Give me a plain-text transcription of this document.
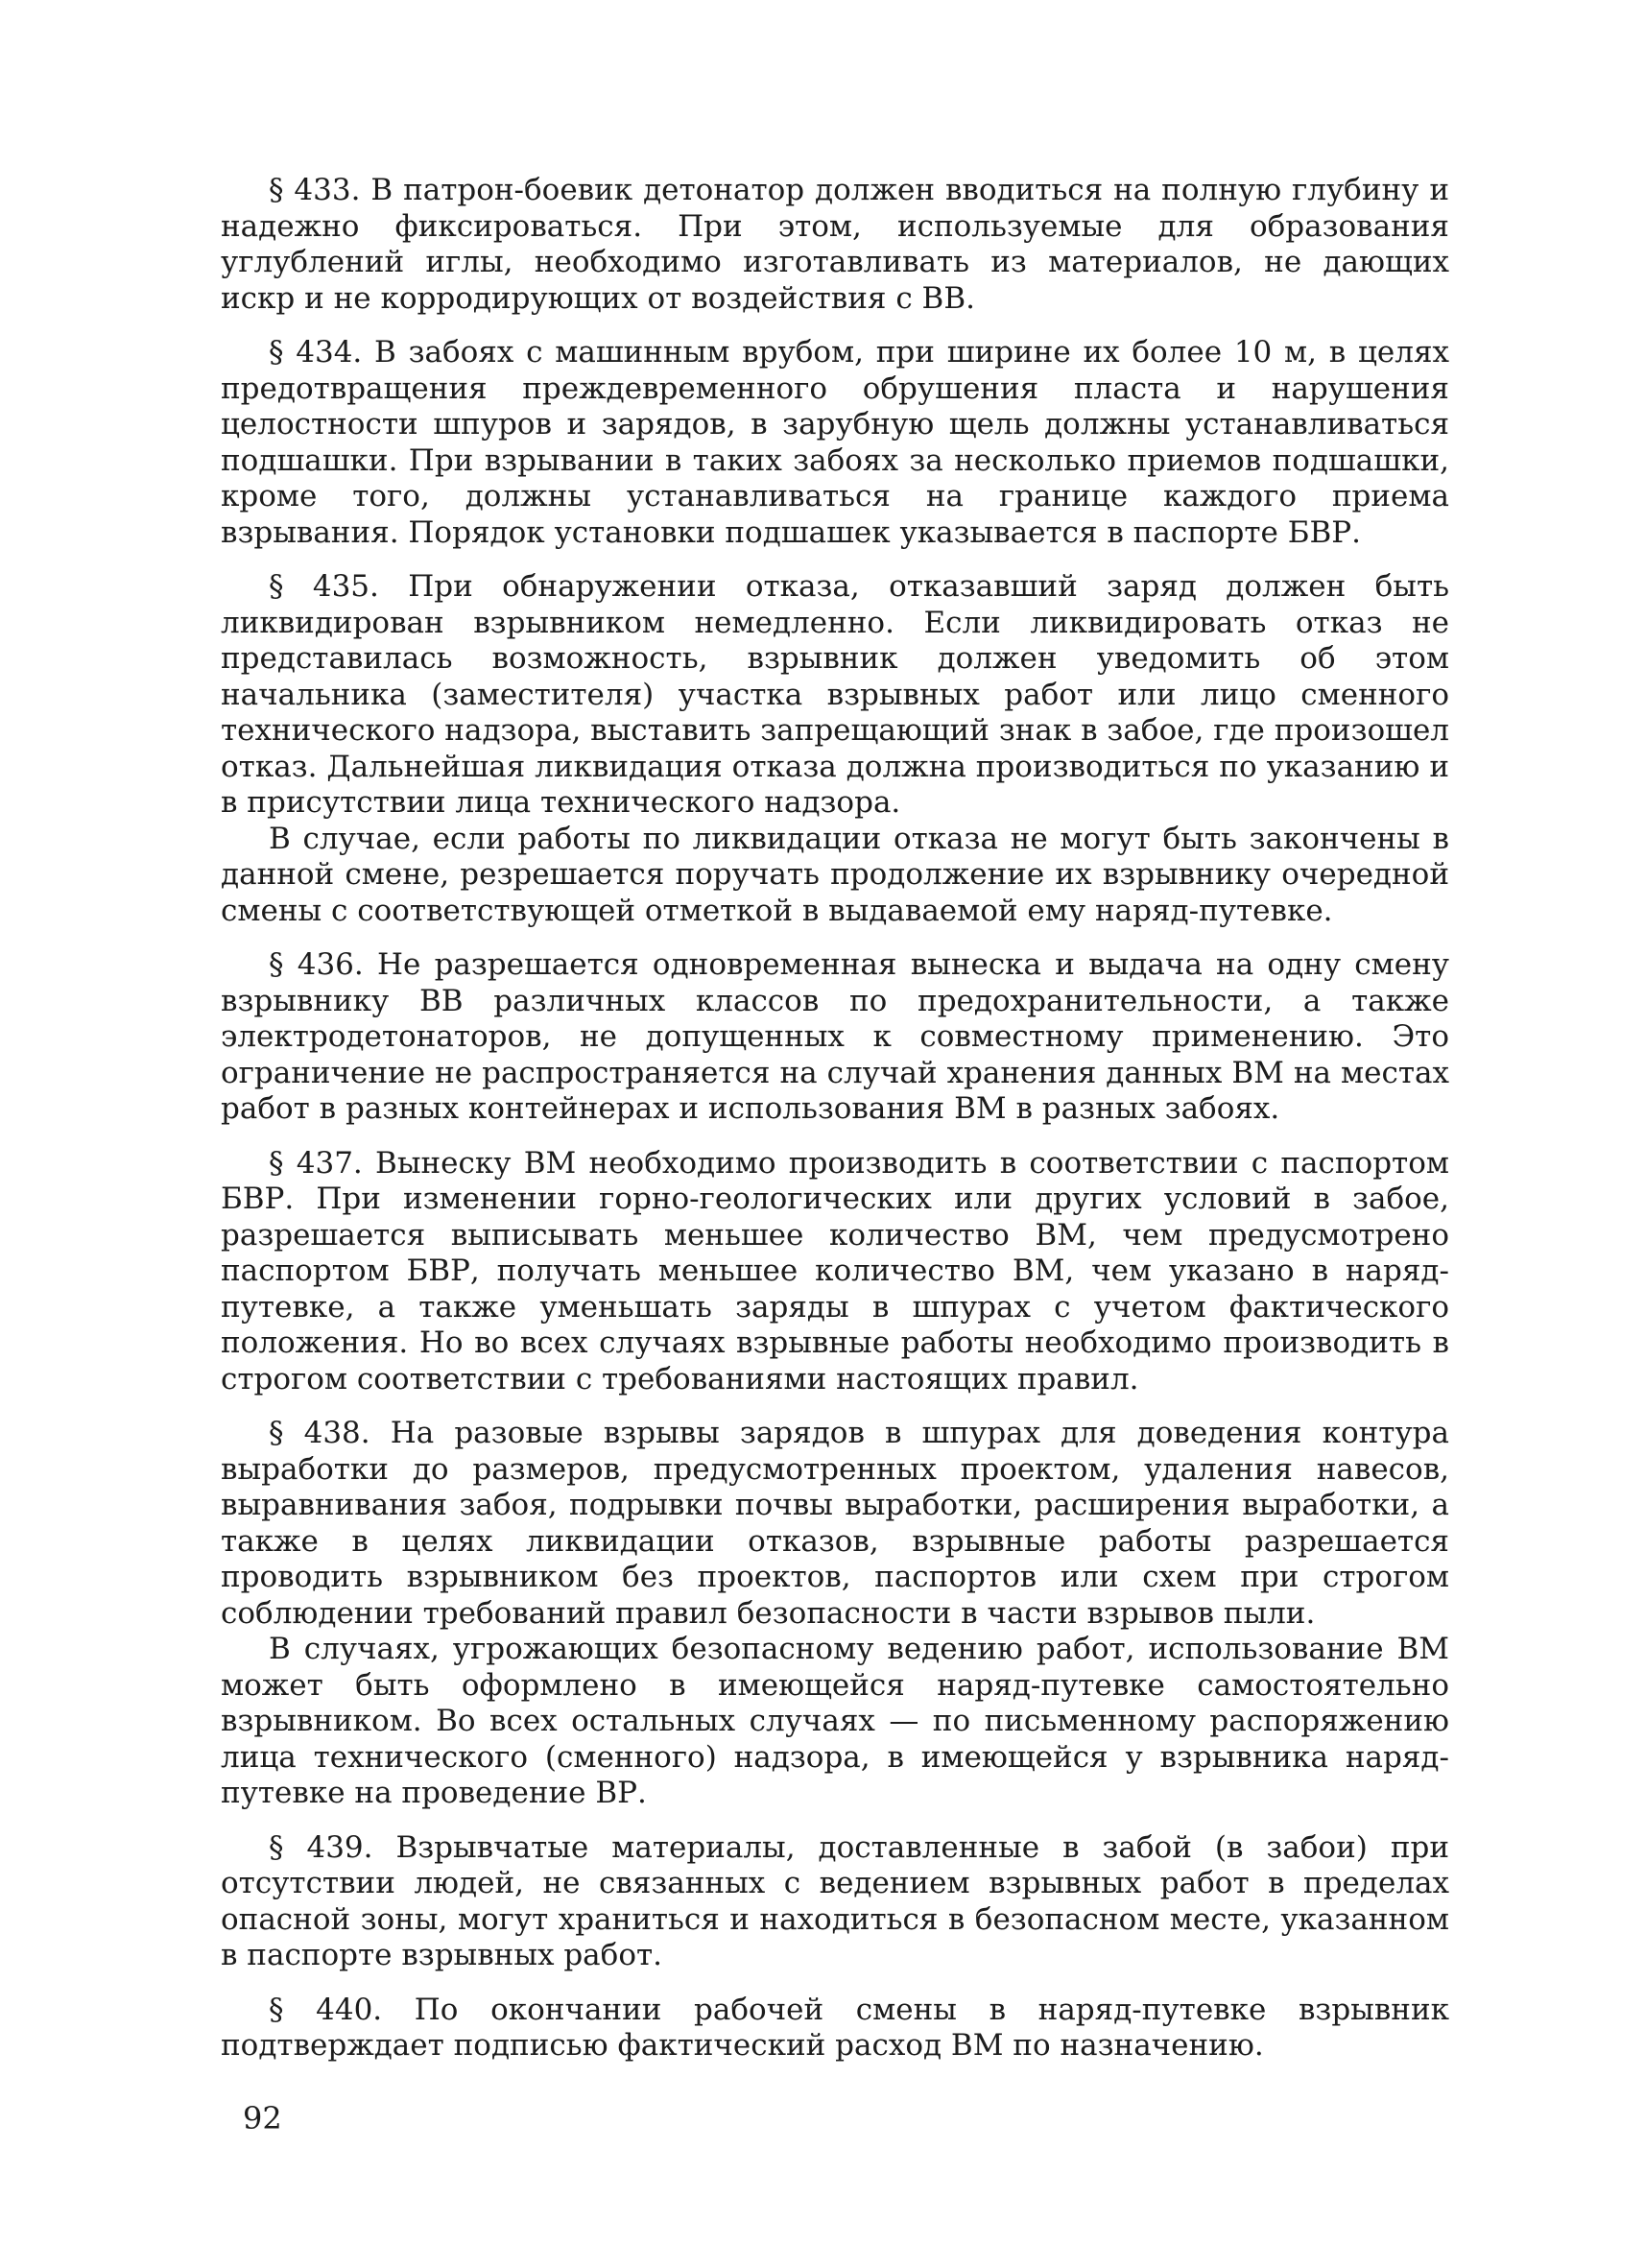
§ 433. В патрон-боевик детонатор должен вводиться на полную глубину и надежно фиксироваться. При этом, используемые для образования углублений иглы, необходимо изготавливать из материалов, не дающих искр и не корродирующих от воздействия с ВВ.

§ 434. В забоях с машинным врубом, при ширине их более 10 м, в целях предотвращения преждевременного обрушения пласта и нарушения целостности шпуров и зарядов, в зарубную щель должны устанавливаться подшашки. При взрывании в таких забоях за несколько приемов подшашки, кроме того, должны устанавливаться на границе каждого приема взрывания. Порядок установки подшашек указывается в паспорте БВР.

§ 435. При обнаружении отказа, отказавший заряд должен быть ликвидирован взрывником немедленно. Если ликвидировать отказ не представилась возможность, взрывник должен уведомить об этом начальника (заместителя) участка взрывных работ или лицо сменного технического надзора, выставить запрещающий знак в забое, где произошел отказ. Дальнейшая ликвидация отказа должна производиться по указанию и в присутствии лица технического надзора.

В случае, если работы по ликвидации отказа не могут быть закончены в данной смене, резрешается поручать продолжение их взрывнику очередной смены с соответствующей отметкой в выдаваемой ему наряд-путевке.

§ 436. Не разрешается одновременная вынеска и выдача на одну смену взрывнику ВВ различных классов по предохранительности, а также электродетонаторов, не допущенных к совместному применению. Это ограничение не распространяется на случай хранения данных ВМ на местах работ в разных контейнерах и использования ВМ в разных забоях.

§ 437. Вынеску ВМ необходимо производить в соответствии с паспортом БВР. При изменении горно-геологических или других условий в забое, разрешается выписывать меньшее количество ВМ, чем предусмотрено паспортом БВР, получать меньшее количество ВМ, чем указано в наряд-путевке, а также уменьшать заряды в шпурах с учетом фактического положения. Но во всех случаях взрывные работы необходимо производить в строгом соответствии с требованиями настоящих правил.

§ 438. На разовые взрывы зарядов в шпурах для доведения контура выработки до размеров, предусмотренных проектом, удаления навесов, выравнивания забоя, подрывки почвы выработки, расширения выработки, а также в целях ликвидации отказов, взрывные работы разрешается проводить взрывником без проектов, паспортов или схем при строгом соблюдении требований правил безопасности в части взрывов пыли.

В случаях, угрожающих безопасному ведению работ, использование ВМ может быть оформлено в имеющейся наряд-путевке самостоятельно взрывником. Во всех остальных случаях — по письменному распоряжению лица технического (сменного) надзора, в имеющейся у взрывника наряд-путевке на проведение ВР.

§ 439. Взрывчатые материалы, доставленные в забой (в забои) при отсутствии людей, не связанных с ведением взрывных работ в пределах опасной зоны, могут храниться и находиться в безопасном месте, указанном в паспорте взрывных работ.

§ 440. По окончании рабочей смены в наряд-путевке взрывник подтверждает подписью фактический расход ВМ по назначению.

92
